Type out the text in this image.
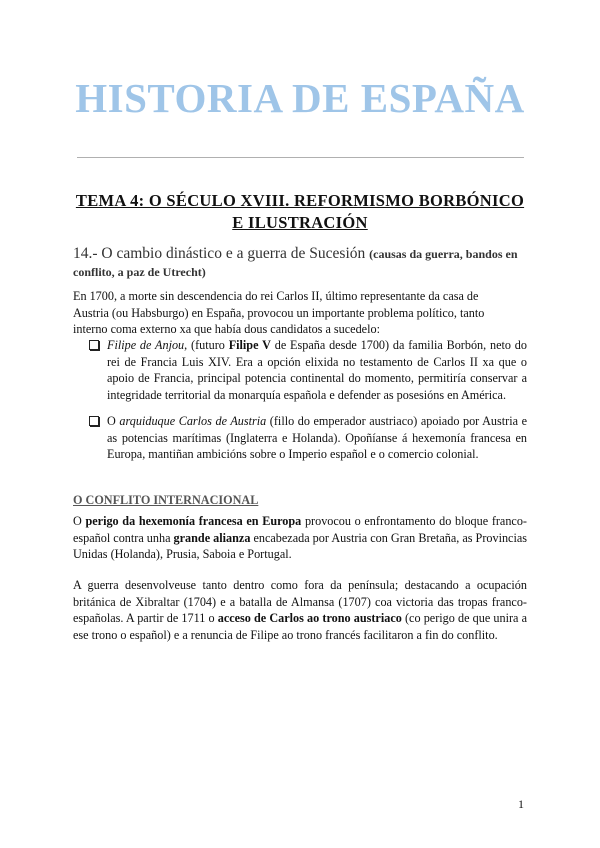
HISTORIA DE ESPAÑA
TEMA 4: O SÉCULO XVIII. REFORMISMO BORBÓNICO E ILUSTRACIÓN
14.- O cambio dinástico e a guerra de Sucesión (causas da guerra, bandos en conflito, a paz de Utrecht)
En 1700, a morte sin descendencia do rei Carlos II, último representante da casa de Austria (ou Habsburgo) en España, provocou un importante problema político, tanto interno coma externo xa que había dous candidatos a sucedelo:
Filipe de Anjou, (futuro Filipe V de España desde 1700) da familia Borbón, neto do rei de Francia Luis XIV. Era a opción elixida no testamento de Carlos II xa que o apoio de Francia, principal potencia continental do momento, permitiría conservar a integridade territorial da monarquía española e defender as posesións en América.
O arquiduque Carlos de Austria (fillo do emperador austriaco) apoiado por Austria e as potencias marítimas (Inglaterra e Holanda). Opoñíanse á hexemonía francesa en Europa, mantiñan ambicións sobre o Imperio español e o comercio colonial.
O CONFLITO INTERNACIONAL
O perigo da hexemonía francesa en Europa provocou o enfrontamento do bloque franco-español contra unha grande alianza encabezada por Austria con Gran Bretaña, as Provincias Unidas (Holanda), Prusia, Saboia e Portugal.
A guerra desenvolveuse tanto dentro como fora da península; destacando a ocupación británica de Xibraltar (1704) e a batalla de Almansa (1707) coa victoria das tropas franco-españolas. A partir de 1711 o acceso de Carlos ao trono austriaco (co perigo de que unira a ese trono o español) e a renuncia de Filipe ao trono francés facilitaron a fin do conflito.
1
